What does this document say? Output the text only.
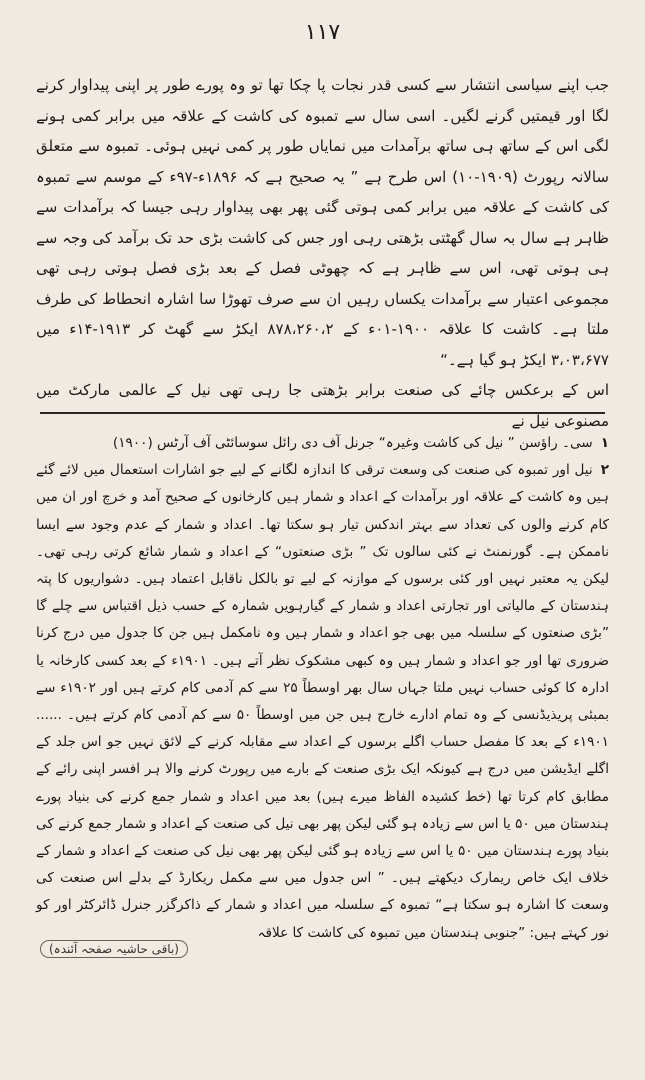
۱۱۷

جب اپنے سیاسی انتشار سے کسی قدر نجات پا چکا تھا تو وہ پورے طور پر اپنی پیداوار کرنے لگا اور قیمتیں گرنے لگیں۔ اسی سال سے تمبوہ کی کاشت کے علاقہ میں برابر کمی ہونے لگی اس کے ساتھ ہی ساتھ برآمدات میں نمایاں طور پر کمی نہیں ہوئی۔ تمبوہ سے متعلق سالانہ رپورٹ (۱۹۰۹-۱۰) اس طرح ہے ” یہ صحیح ہے کہ ۱۸۹۶ء-۹۷ء کے موسم سے تمبوہ کی کاشت کے علاقہ میں برابر کمی ہوتی گئی پھر بھی پیداوار رہی جیسا کہ برآمدات سے ظاہر ہے سال بہ سال گھٹتی بڑھتی رہی اور جس کی کاشت بڑی حد تک برآمد کی وجہ سے ہی ہوتی تھی، اس سے ظاہر ہے کہ چھوٹی فصل کے بعد بڑی فصل ہوتی رہی تھی مجموعی اعتبار سے برآمدات یکساں رہیں ان سے صرف تھوڑا سا اشارہ انحطاط کی طرف ملتا ہے۔ کاشت کا علاقہ ۱۹۰۰-۰۱ء کے ۸۷۸،۲۶۰،۲ ایکڑ سے گھٹ کر ۱۹۱۳-۱۴ء میں ۳،۰۳،۶۷۷ ایکڑ ہو گیا ہے۔“

اس کے برعکس چائے کی صنعت برابر بڑھتی جا رہی تھی نیل کے عالمی مارکٹ میں مصنوعی نیل نے

۱سی۔ راؤسن ” نیل کی کاشت وغیرہ“ جرنل آف دی رائل سوسائٹی آف آرٹس (۱۹۰۰)

۲نیل اور تمبوہ کی صنعت کی وسعت ترقی کا اندازہ لگانے کے لیے جو اشارات استعمال میں لائے گئے ہیں وہ کاشت کے علاقہ اور برآمدات کے اعداد و شمار ہیں کارخانوں کے صحیح آمد و خرچ اور ان میں کام کرنے والوں کی تعداد سے بہتر اندکس تیار ہو سکتا تھا۔ اعداد و شمار کے عدم وجود سے ایسا ناممکن ہے۔ گورنمنٹ نے کئی سالوں تک ” بڑی صنعتوں“ کے اعداد و شمار شائع کرتی رہی تھی۔ لیکن یہ معتبر نہیں اور کئی برسوں کے موازنہ کے لیے تو بالکل ناقابل اعتماد ہیں۔ دشواریوں کا پتہ ہندستان کے مالیاتی اور تجارتی اعداد و شمار کے گیارہویں شمارہ کے حسب ذیل اقتباس سے چلے گا ”بڑی صنعتوں کے سلسلہ میں بھی جو اعداد و شمار ہیں وہ نامکمل ہیں جن کا جدول میں درج کرنا ضروری تھا اور جو اعداد و شمار ہیں وہ کبھی مشکوک نظر آتے ہیں۔ ۱۹۰۱ء کے بعد کسی کارخانہ یا ادارہ کا کوئی حساب نہیں ملتا جہاں سال بھر اوسطاً ۲۵ سے کم آدمی کام کرتے ہیں اور ۱۹۰۲ء سے بمبئی پریذیڈنسی کے وہ تمام ادارے خارج ہیں جن میں اوسطاً ۵۰ سے کم آدمی کام کرتے ہیں۔ ...... ۱۹۰۱ء کے بعد کا مفصل حساب اگلے برسوں کے اعداد سے مقابلہ کرنے کے لائق نہیں جو اس جلد کے اگلے ایڈیشن میں درج ہے کیونکہ ایک بڑی صنعت کے بارے میں رپورٹ کرنے والا ہر افسر اپنی رائے کے مطابق کام کرتا تھا (خط کشیدہ الفاظ میرے ہیں) بعد میں اعداد و شمار جمع کرنے کی بنیاد پورے ہندستان میں ۵۰ یا اس سے زیادہ ہو گئی لیکن پھر بھی نیل کی صنعت کے اعداد و شمار جمع کرنے کی بنیاد پورے ہندستان میں ۵۰ یا اس سے زیادہ ہو گئی لیکن پھر بھی نیل کی صنعت کے اعداد و شمار کے خلاف ایک خاص ریمارک دیکھتے ہیں۔ ” اس جدول میں سے مکمل ریکارڈ کے بدلے اس صنعت کی وسعت کا اشارہ ہو سکتا ہے“ تمبوہ کے سلسلہ میں اعداد و شمار کے ذاکرگزر جنرل ڈائرکٹر اور کو نور کہتے ہیں: ”جنوبی ہندستان میں تمبوہ کی کاشت کا علاقہ

(باقی حاشیہ صفحہ آئندہ)
